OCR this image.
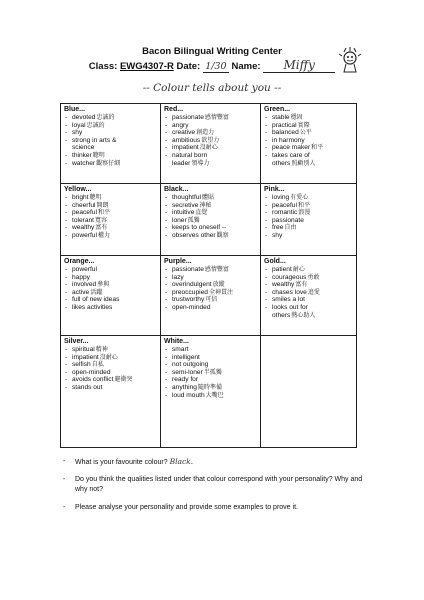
Bacon Bilingual Writing Center
Class: EWG4307-R Date: 1/30 Name: Miffy
-- Colour tells about you --
Blue...
- devoted忠誠的
- loyal忠誠的
- shy
- strong in arts &
science
- thinker聰明
- watcher觀察仔細
Red...
- passionate感情豐富
- angry
- creative創造力
- ambitious欲望力
- impatient沒耐心
- natural born
leader領導力
Green...
- stable穩固
- practical實際
- balanced公平
- in harmony
- peace maker和平
- takes care of
others照顧別人
Yellow...
- bright聰明
- cheerful開朗
- peaceful和平
- tolerant寬容
- wealthy富有
- powerful權力
Black...
- thoughtful體貼
- secretive神秘
- intuitive直覺
- loner孤獨
- keeps to oneself --
- observes other觀察
Pink...
- loving有愛心
- peaceful和平
- romantic浪漫
- passionate
- free自由
- shy
Orange...
- powerful
- happy
- involved參與
- active活躍
- full of new ideas
- likes activities
Purple...
- passionate感情豐富
- lazy
- overindulgent放縱
- preoccupied全神貫注
- trustworthy可信
- open-minded
Gold...
- patient耐心
- courageous勇敢
- wealthy富有
- chases love追愛
- smiles a lot
- looks out for
others熱心助人
Silver...
- spiritual精神
- impatient沒耐心
- selfish自私
- open-minded
- avoids conflict避衝突
- stands out
White...
- smart
- intelligent
- not outgoing
- semi-loner半孤獨
- ready for
- anything隨時準備
- loud mouth大嘴巴
- What is your favourite colour? Black.
- Do you think the qualities listed under that colour correspond with your personality? Why and why not?
- Please analyse your personality and provide some examples to prove it.
